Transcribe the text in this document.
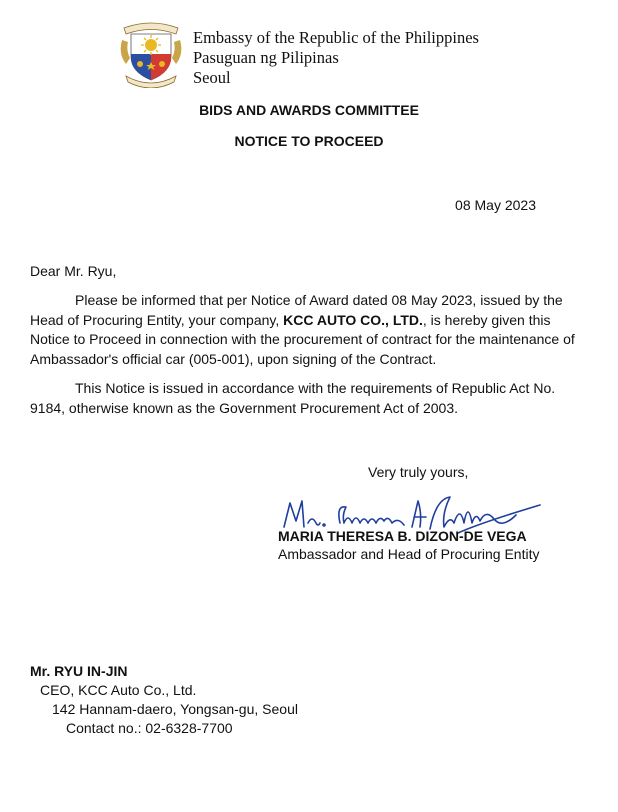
Embassy of the Republic of the Philippines
Pasuguan ng Pilipinas
Seoul
BIDS AND AWARDS COMMITTEE
NOTICE TO PROCEED
08 May 2023
Dear Mr. Ryu,
Please be informed that per Notice of Award dated 08 May 2023, issued by the Head of Procuring Entity, your company, KCC AUTO CO., LTD., is hereby given this Notice to Proceed in connection with the procurement of contract for the maintenance of Ambassador's official car (005-001), upon signing of the Contract.
This Notice is issued in accordance with the requirements of Republic Act No. 9184, otherwise known as the Government Procurement Act of 2003.
Very truly yours,
MARIA THERESA B. DIZON-DE VEGA
Ambassador and Head of Procuring Entity
Mr. RYU IN-JIN
CEO, KCC Auto Co., Ltd.
142 Hannam-daero, Yongsan-gu, Seoul
Contact no.: 02-6328-7700
